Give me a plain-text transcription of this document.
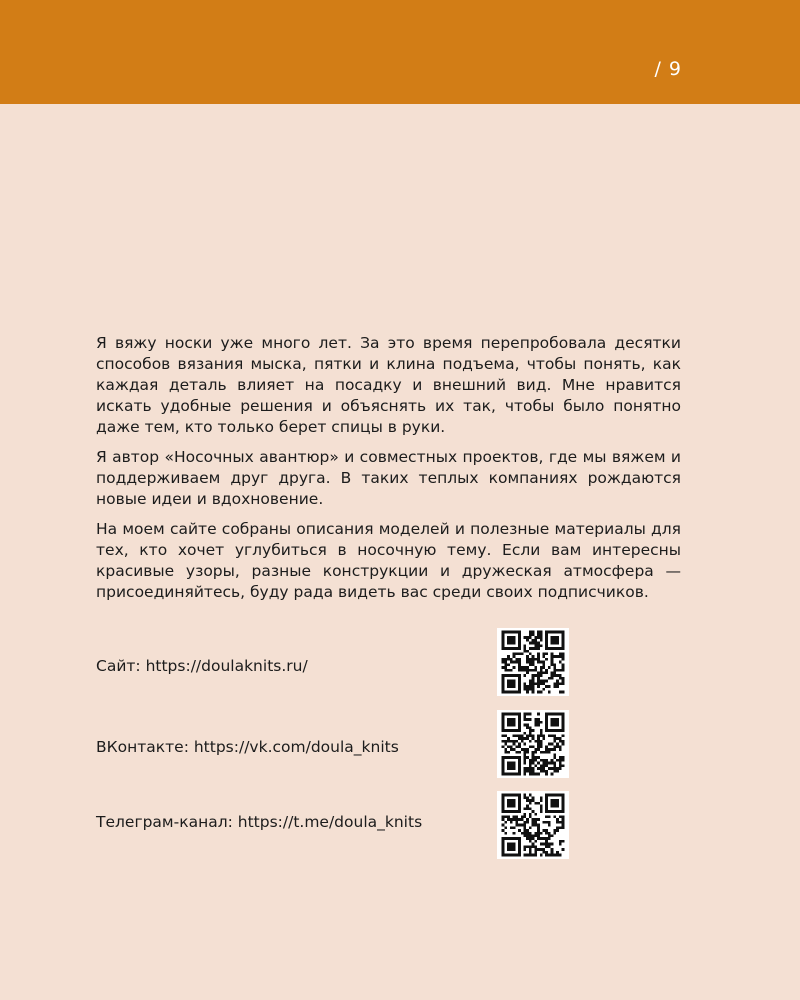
/ 9

Я вяжу носки уже много лет. За это время перепробовала десятки способов вязания мыска, пятки и клина подъема, чтобы понять, как каждая деталь влияет на посадку и внешний вид. Мне нравится искать удобные решения и объяснять их так, чтобы было понятно даже тем, кто только берет спицы в руки.

Я автор «Носочных авантюр» и совместных проектов, где мы вяжем и поддерживаем друг друга. В таких теплых компаниях рождаются новые идеи и вдохновение.

На моем сайте собраны описания моделей и полезные материалы для тех, кто хочет углубиться в носочную тему. Если вам интересны красивые узоры, разные конструкции и дружеская атмосфера — присоединяйтесь, буду рада видеть вас среди своих подписчиков.

Сайт: https://doulaknits.ru/
ВКонтакте: https://vk.com/doula_knits
Телеграм-канал: https://t.me/doula_knits
